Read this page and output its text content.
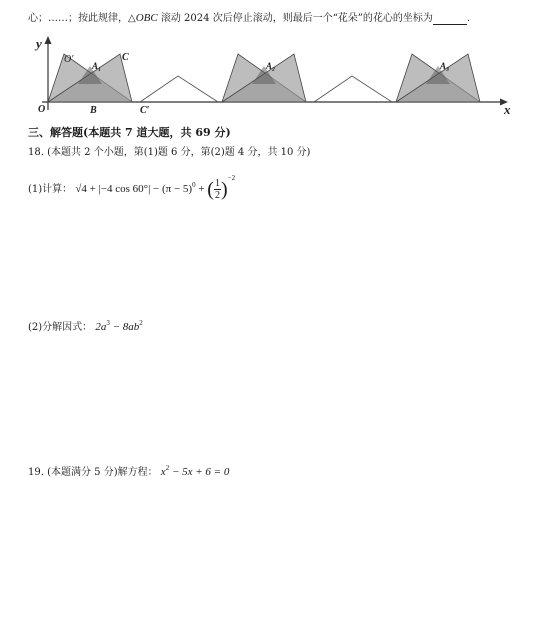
心；……；按此规律，△OBC 滚动 2024 次后停止滚动，则最后一个“花朵”的花心的坐标为	.
y
x
O
O′
A₁
C
B	C′
A₂	A₃
三、解答题(本题共 7 道大题，共 69 分)
18. (本题共 2 个小题，第(1)题 6 分，第(2)题 4 分，共 10 分)
(1)计算： √4 + |−4 $\cos 60^\circ| - (\pi - 5)^0$ + ( $\frac{1}{2} )^{-2}$
(2)分解因式： $2a^3 - 8ab^2$
19. (本题满分 5 分)解方程： $x^2 - 5x + 6 = 0$
